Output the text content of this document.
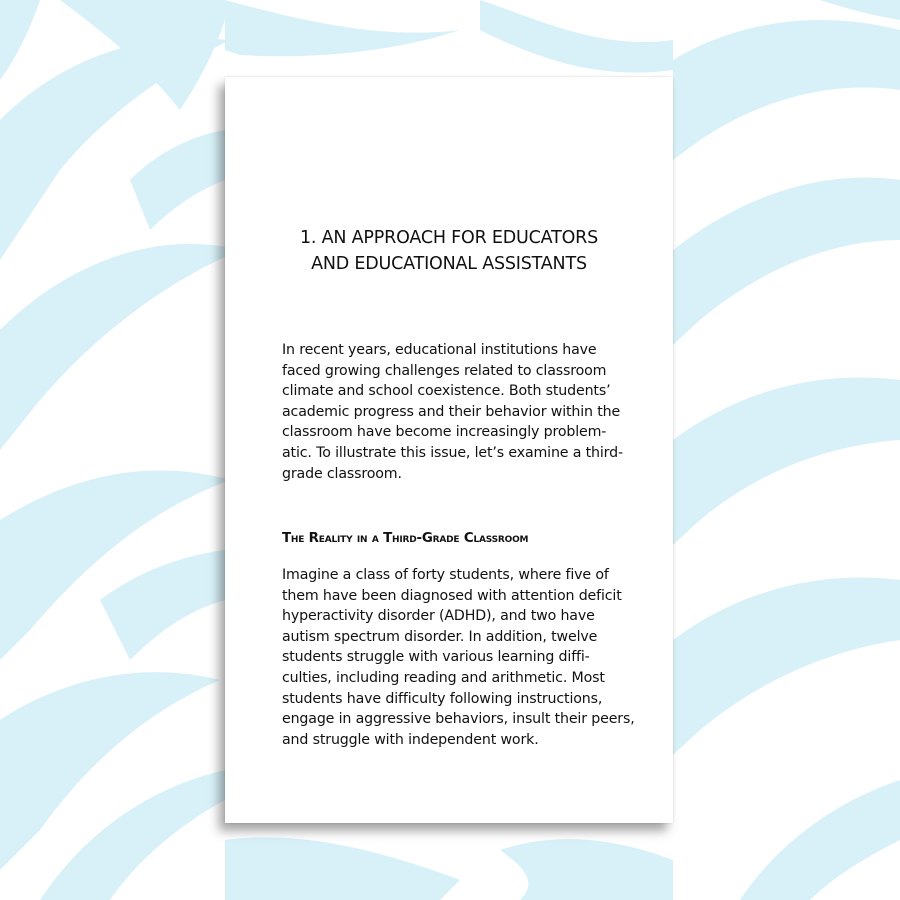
1. AN APPROACH FOR EDUCATORS
AND EDUCATIONAL ASSISTANTS
In recent years, educational institutions have
faced growing challenges related to classroom
climate and school coexistence. Both students’
academic progress and their behavior within the
classroom have become increasingly problem-
atic. To illustrate this issue, let’s examine a third-
grade classroom.
The Reality in a Third-Grade Classroom
Imagine a class of forty students, where five of
them have been diagnosed with attention deficit
hyperactivity disorder (ADHD), and two have
autism spectrum disorder. In addition, twelve
students struggle with various learning diffi-
culties, including reading and arithmetic. Most
students have difficulty following instructions,
engage in aggressive behaviors, insult their peers,
and struggle with independent work.
